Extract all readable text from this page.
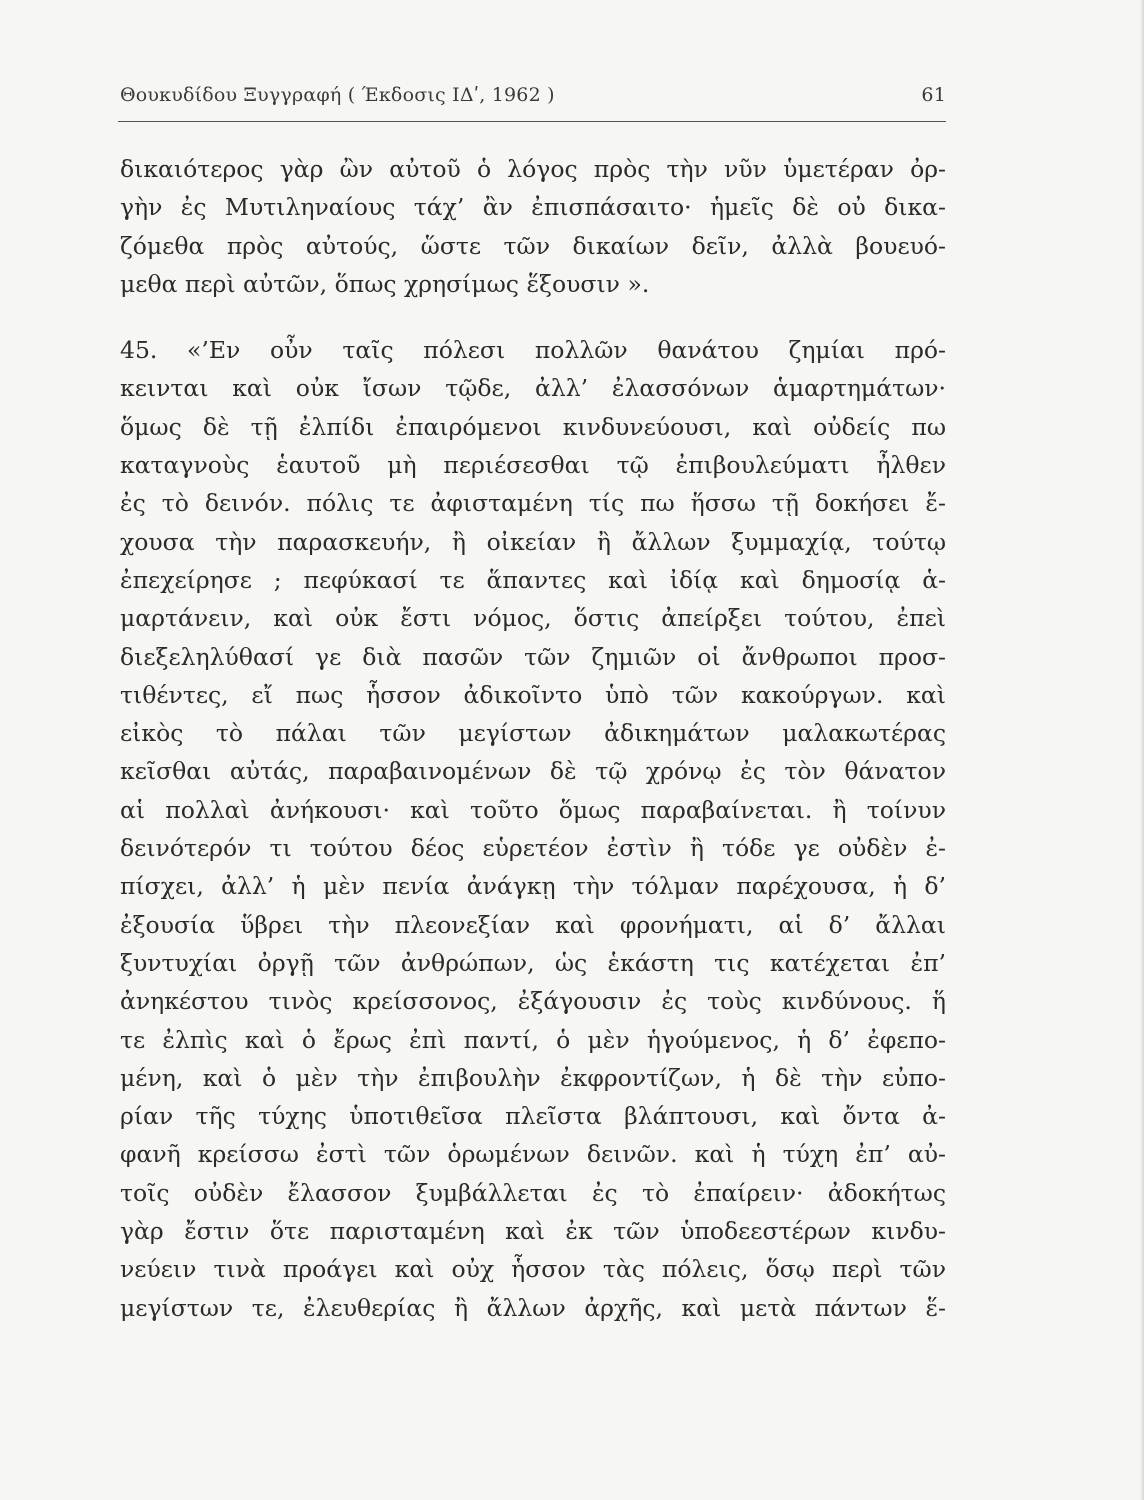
Θουκυδίδου Ξυγγραφή ( Έκδοσις ΙΔʹ, 1962 )	61
δικαιότερος γὰρ ὢν αὐτοῦ ὁ λόγος πρὸς τὴν νῦν ὑμετέραν ὀρ-
γὴν ἐς Μυτιληναίους τάχ’ ἂν ἐπισπάσαιτο· ἡμεῖς δὲ οὐ δικα-
ζόμεθα πρὸς αὐτούς, ὥστε τῶν δικαίων δεῖν, ἀλλὰ βουευό-
μεθα περὶ αὐτῶν, ὅπως χρησίμως ἕξουσιν ».
45. «’Εν οὖν ταῖς πόλεσι πολλῶν θανάτου ζημίαι πρό-
κεινται καὶ οὐκ ἴσων τῷδε, ἀλλ’ ἐλασσόνων ἁμαρτημάτων·
ὅμως δὲ τῇ ἐλπίδι ἐπαιρόμενοι κινδυνεύουσι, καὶ οὐδείς πω
καταγνοὺς ἑαυτοῦ μὴ περιέσεσθαι τῷ ἐπιβουλεύματι ἦλθεν
ἐς τὸ δεινόν. πόλις τε ἀφισταμένη τίς πω ἥσσω τῇ δοκήσει ἔ-
χουσα τὴν παρασκευήν, ἢ οἰκείαν ἢ ἄλλων ξυμμαχίᾳ, τούτῳ
ἐπεχείρησε ; πεφύκασί τε ἅπαντες καὶ ἰδίᾳ καὶ δημοσίᾳ ἁ-
μαρτάνειν, καὶ οὐκ ἔστι νόμος, ὅστις ἀπείρξει τούτου, ἐπεὶ
διεξεληλύθασί γε διὰ πασῶν τῶν ζημιῶν οἱ ἄνθρωποι προσ-
τιθέντες, εἴ πως ἧσσον ἀδικοῖντο ὑπὸ τῶν κακούργων. καὶ
εἰκὸς τὸ πάλαι τῶν μεγίστων ἀδικημάτων μαλακωτέρας
κεῖσθαι αὐτάς, παραβαινομένων δὲ τῷ χρόνῳ ἐς τὸν θάνατον
αἱ πολλαὶ ἀνήκουσι· καὶ τοῦτο ὅμως παραβαίνεται. ἢ τοίνυν
δεινότερόν τι τούτου δέος εὑρετέον ἐστὶν ἢ τόδε γε οὐδὲν ἐ-
πίσχει, ἀλλ’ ἡ μὲν πενία ἀνάγκῃ τὴν τόλμαν παρέχουσα, ἡ δ’
ἐξουσία ὕβρει τὴν πλεονεξίαν καὶ φρονήματι, αἱ δ’ ἄλλαι
ξυντυχίαι ὀργῇ τῶν ἀνθρώπων, ὡς ἑκάστη τις κατέχεται ἐπ’
ἀνηκέστου τινὸς κρείσσονος, ἐξάγουσιν ἐς τοὺς κινδύνους. ἥ
τε ἐλπὶς καὶ ὁ ἔρως ἐπὶ παντί, ὁ μὲν ἡγούμενος, ἡ δ’ ἐφεπο-
μένη, καὶ ὁ μὲν τὴν ἐπιβουλὴν ἐκφροντίζων, ἡ δὲ τὴν εὐπο-
ρίαν τῆς τύχης ὑποτιθεῖσα πλεῖστα βλάπτουσι, καὶ ὄντα ἀ-
φανῆ κρείσσω ἐστὶ τῶν ὁρωμένων δεινῶν. καὶ ἡ τύχη ἐπ’ αὐ-
τοῖς οὐδὲν ἔλασσον ξυμβάλλεται ἐς τὸ ἐπαίρειν· ἀδοκήτως
γὰρ ἔστιν ὅτε παρισταμένη καὶ ἐκ τῶν ὑποδεεστέρων κινδυ-
νεύειν τινὰ προάγει καὶ οὐχ ἧσσον τὰς πόλεις, ὅσῳ περὶ τῶν
μεγίστων τε, ἐλευθερίας ἢ ἄλλων ἀρχῆς, καὶ μετὰ πάντων ἕ-
